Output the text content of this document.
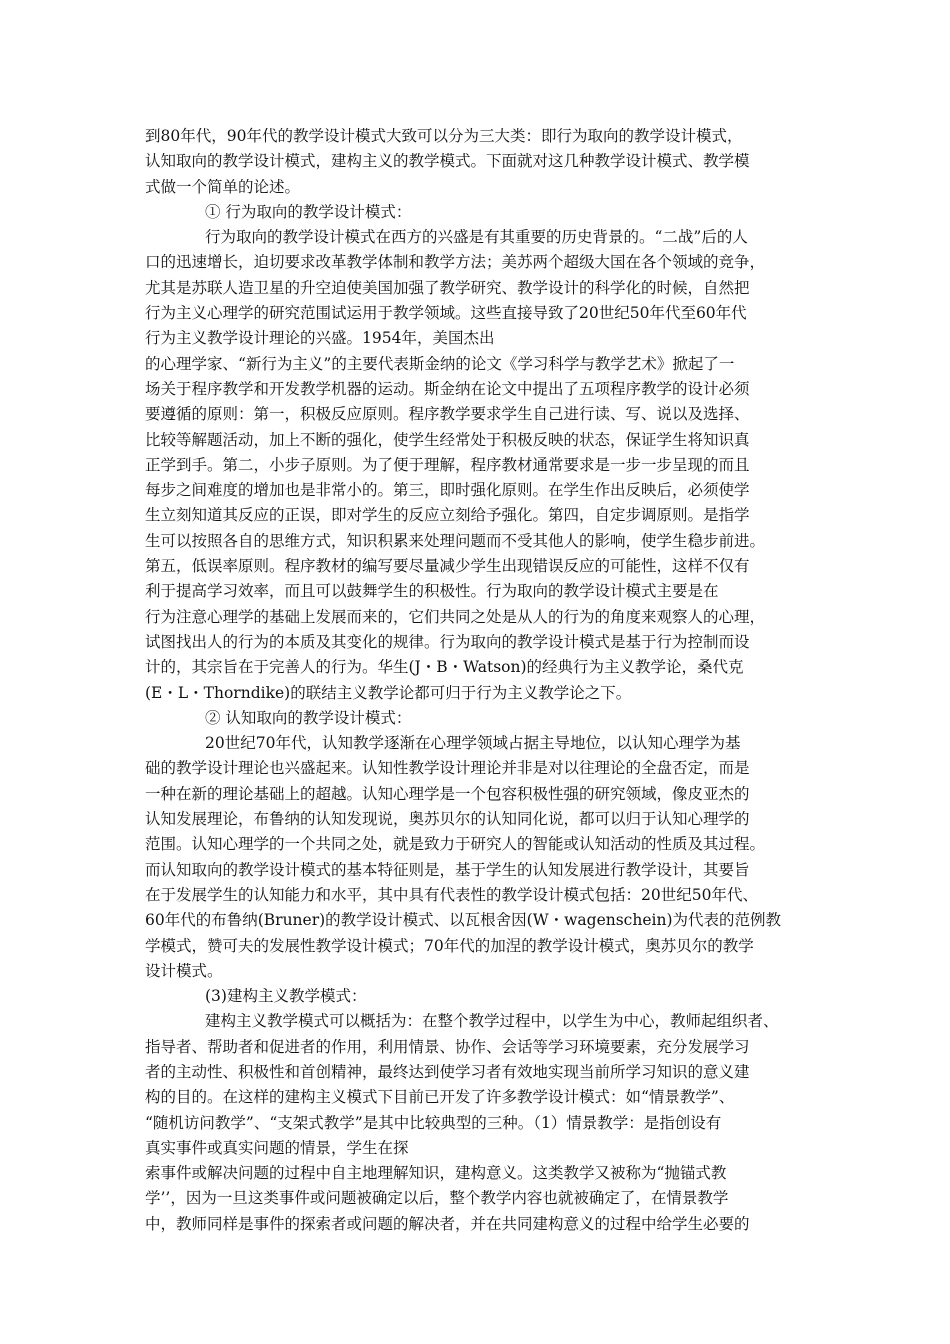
到80年代，90年代的教学设计模式大致可以分为三大类：即行为取向的教学设计模式，
认知取向的教学设计模式，建构主义的教学模式。下面就对这几种教学设计模式、教学模
式做一个简单的论述。
① 行为取向的教学设计模式：
行为取向的教学设计模式在西方的兴盛是有其重要的历史背景的。“二战”后的人
口的迅速增长，迫切要求改革教学体制和教学方法；美苏两个超级大国在各个领域的竞争，
尤其是苏联人造卫星的升空迫使美国加强了教学研究、教学设计的科学化的时候，自然把
行为主义心理学的研究范围试运用于教学领域。这些直接导致了20世纪50年代至60年代
行为主义教学设计理论的兴盛。1954年，美国杰出
的心理学家、“新行为主义”的主要代表斯金纳的论文《学习科学与教学艺术》掀起了一
场关于程序教学和开发教学机器的运动。斯金纳在论文中提出了五项程序教学的设计必须
要遵循的原则：第一，积极反应原则。程序教学要求学生自己进行读、写、说以及选择、
比较等解题活动，加上不断的强化，使学生经常处于积极反映的状态，保证学生将知识真
正学到手。第二，小步子原则。为了便于理解，程序教材通常要求是一步一步呈现的而且
每步之间难度的增加也是非常小的。第三，即时强化原则。在学生作出反映后，必须使学
生立刻知道其反应的正误，即对学生的反应立刻给予强化。第四，自定步调原则。是指学
生可以按照各自的思维方式，知识积累来处理问题而不受其他人的影响，使学生稳步前进。
第五，低误率原则。程序教材的编写要尽量减少学生出现错误反应的可能性，这样不仅有
利于提高学习效率，而且可以鼓舞学生的积极性。行为取向的教学设计模式主要是在
行为注意心理学的基础上发展而来的，它们共同之处是从人的行为的角度来观察人的心理，
试图找出人的行为的本质及其变化的规律。行为取向的教学设计模式是基于行为控制而设
计的，其宗旨在于完善人的行为。华生(J・B・Watson)的经典行为主义教学论，桑代克
(E・L・Thorndike)的联结主义教学论都可归于行为主义教学论之下。
② 认知取向的教学设计模式：
20世纪70年代，认知教学逐渐在心理学领域占据主导地位，以认知心理学为基
础的教学设计理论也兴盛起来。认知性教学设计理论并非是对以往理论的全盘否定，而是
一种在新的理论基础上的超越。认知心理学是一个包容积极性强的研究领域，像皮亚杰的
认知发展理论，布鲁纳的认知发现说，奥苏贝尔的认知同化说，都可以归于认知心理学的
范围。认知心理学的一个共同之处，就是致力于研究人的智能或认知活动的性质及其过程。
而认知取向的教学设计模式的基本特征则是，基于学生的认知发展进行教学设计，其要旨
在于发展学生的认知能力和水平，其中具有代表性的教学设计模式包括：20世纪50年代、
60年代的布鲁纳(Bruner)的教学设计模式、以瓦根舍因(W・wagenschein)为代表的范例教
学模式，赞可夫的发展性教学设计模式；70年代的加涅的教学设计模式，奥苏贝尔的教学
设计模式。
(3)建构主义教学模式：
建构主义教学模式可以概括为：在整个教学过程中，以学生为中心，教师起组织者、
指导者、帮助者和促进者的作用，利用情景、协作、会话等学习环境要素，充分发展学习
者的主动性、积极性和首创精神，最终达到使学习者有效地实现当前所学习知识的意义建
构的目的。在这样的建构主义模式下目前已开发了许多教学设计模式：如“情景教学”、
“随机访问教学”、“支架式教学”是其中比较典型的三种。（1）情景教学：是指创设有
真实事件或真实问题的情景，学生在探
索事件或解决问题的过程中自主地理解知识，建构意义。这类教学又被称为“抛锚式教
学’’，因为一旦这类事件或问题被确定以后，整个教学内容也就被确定了，在情景教学
中，教师同样是事件的探索者或问题的解决者，并在共同建构意义的过程中给学生必要的
